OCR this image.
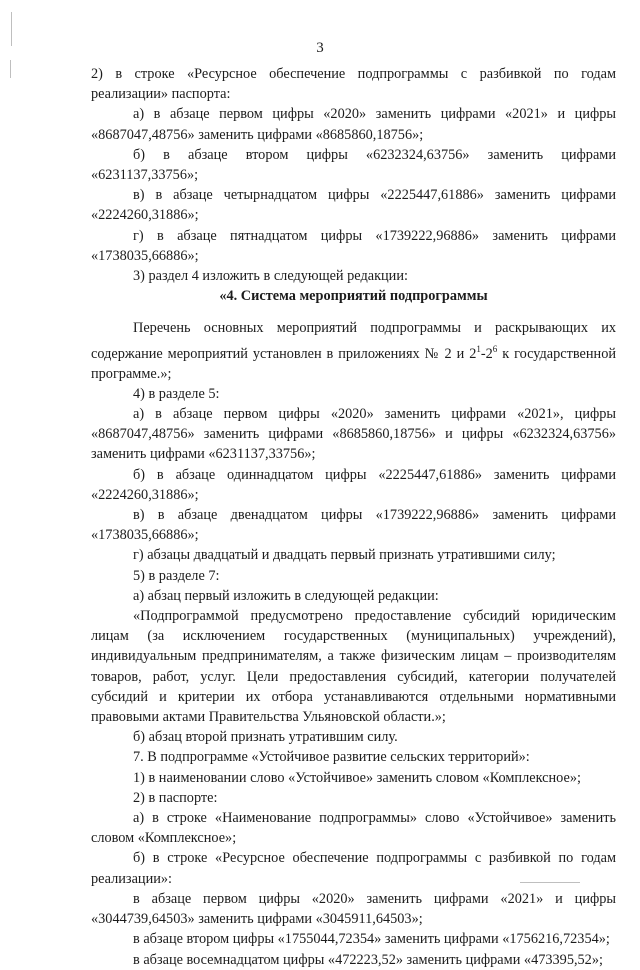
3

2) в строке «Ресурсное обеспечение подпрограммы с разбивкой по годам реализации» паспорта:

а) в абзаце первом цифры «2020» заменить цифрами «2021» и цифры «8687047,48756» заменить цифрами «8685860,18756»;

б) в абзаце втором цифры «6232324,63756» заменить цифрами «6231137,33756»;

в) в абзаце четырнадцатом цифры «2225447,61886» заменить цифрами «2224260,31886»;

г) в абзаце пятнадцатом цифры «1739222,96886» заменить цифрами «1738035,66886»;

3) раздел 4 изложить в следующей редакции:

«4. Система мероприятий подпрограммы

Перечень основных мероприятий подпрограммы и раскрывающих их содержание мероприятий установлен в приложениях № 2 и $2^1-2^6$ к государственной программе.»;

4) в разделе 5:

а) в абзаце первом цифры «2020» заменить цифрами «2021», цифры «8687047,48756» заменить цифрами «8685860,18756» и цифры «6232324,63756» заменить цифрами «6231137,33756»;

б) в абзаце одиннадцатом цифры «2225447,61886» заменить цифрами «2224260,31886»;

в) в абзаце двенадцатом цифры «1739222,96886» заменить цифрами «1738035,66886»;

г) абзацы двадцатый и двадцать первый признать утратившими силу;

5) в разделе 7:

а) абзац первый изложить в следующей редакции:

«Подпрограммой предусмотрено предоставление субсидий юридическим лицам (за исключением государственных (муниципальных) учреждений), индивидуальным предпринимателям, а также физическим лицам – производителям товаров, работ, услуг. Цели предоставления субсидий, категории получателей субсидий и критерии их отбора устанавливаются отдельными нормативными правовыми актами Правительства Ульяновской области.»;

б) абзац второй признать утратившим силу.

7. В подпрограмме «Устойчивое развитие сельских территорий»:

1) в наименовании слово «Устойчивое» заменить словом «Комплексное»;

2) в паспорте:

а) в строке «Наименование подпрограммы» слово «Устойчивое» заменить словом «Комплексное»;

б) в строке «Ресурсное обеспечение подпрограммы с разбивкой по годам реализации»:

в абзаце первом цифры «2020» заменить цифрами «2021» и цифры «3044739,64503» заменить цифрами «3045911,64503»;

в абзаце втором цифры «1755044,72354» заменить цифрами «1756216,72354»;

в абзаце восемнадцатом цифры «472223,52» заменить цифрами «473395,52»;
